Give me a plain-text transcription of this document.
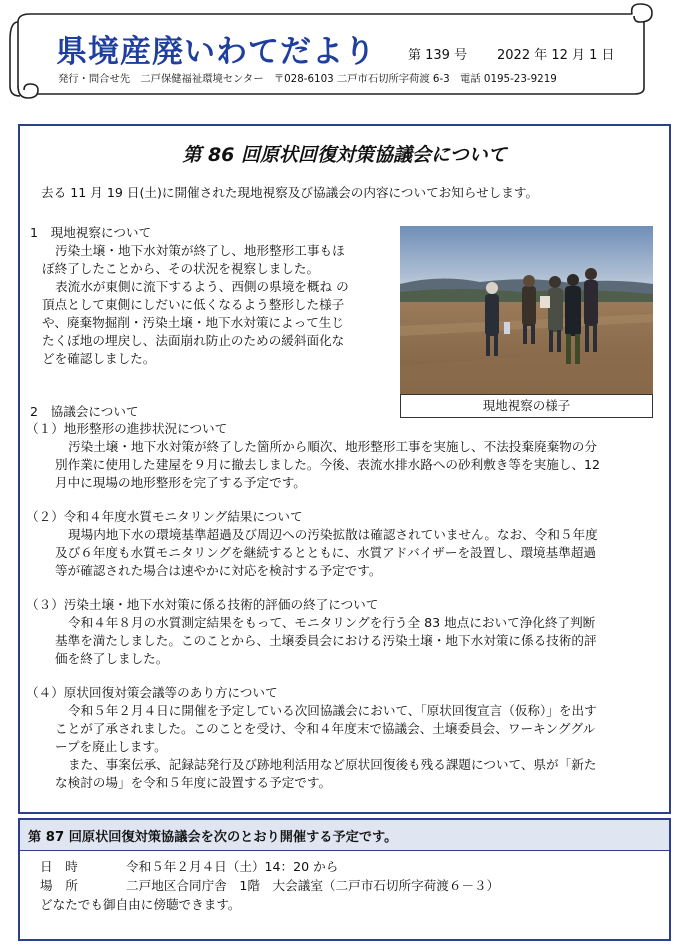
県境産廃いわてだより 第 139 号 2022 年 12 月 1 日
発行・問合せ先　二戸保健福祉環境センター　〒028-6103 二戸市石切所字荷渡 6-3　電話 0195-23-9219
第 86 回原状回復対策協議会について
去る 11 月 19 日(土)に開催された現地視察及び協議会の内容についてお知らせします。
1　現地視察について
汚染土壌・地下水対策が終了し、地形整形工事もほ
ぼ終了したことから、その状況を視察しました。
表流水が東側に流下するよう、西側の県境を概ね の
頂点として東側にしだいに低くなるよう整形した様子
や、廃棄物掘削・汚染土壌・地下水対策によって生じ
たくぼ地の埋戻し、法面崩れ防止のための緩斜面化な
どを確認しました。
現地視察の様子
2　協議会について
（１）地形整形の進捗状況について
汚染土壌・地下水対策が終了した箇所から順次、地形整形工事を実施し、不法投棄廃棄物の分
別作業に使用した建屋を９月に撤去しました。今後、表流水排水路への砂利敷き等を実施し、12
月中に現場の地形整形を完了する予定です。
（２）令和４年度水質モニタリング結果について
現場内地下水の環境基準超過及び周辺への汚染拡散は確認されていません。なお、令和５年度
及び６年度も水質モニタリングを継続するとともに、水質アドバイザーを設置し、環境基準超過
等が確認された場合は速やかに対応を検討する予定です。
（３）汚染土壌・地下水対策に係る技術的評価の終了について
令和４年８月の水質測定結果をもって、モニタリングを行う全 83 地点において浄化終了判断
基準を満たしました。このことから、土壌委員会における汚染土壌・地下水対策に係る技術的評
価を終了しました。
（４）原状回復対策会議等のあり方について
令和５年２月４日に開催を予定している次回協議会において、「原状回復宣言（仮称）」を出す
ことが了承されました。このことを受け、令和４年度末で協議会、土壌委員会、ワーキンググル
ープを廃止します。
また、事案伝承、記録誌発行及び跡地利活用など原状回復後も残る課題について、県が「新た
な検討の場」を令和５年度に設置する予定です。
第 87 回原状回復対策協議会を次のとおり開催する予定です。
日　時	令和５年２月４日（土）14：20 から
場　所	二戸地区合同庁舎　1階　大会議室（二戸市石切所字荷渡６－３）
どなたでも御自由に傍聴できます。
